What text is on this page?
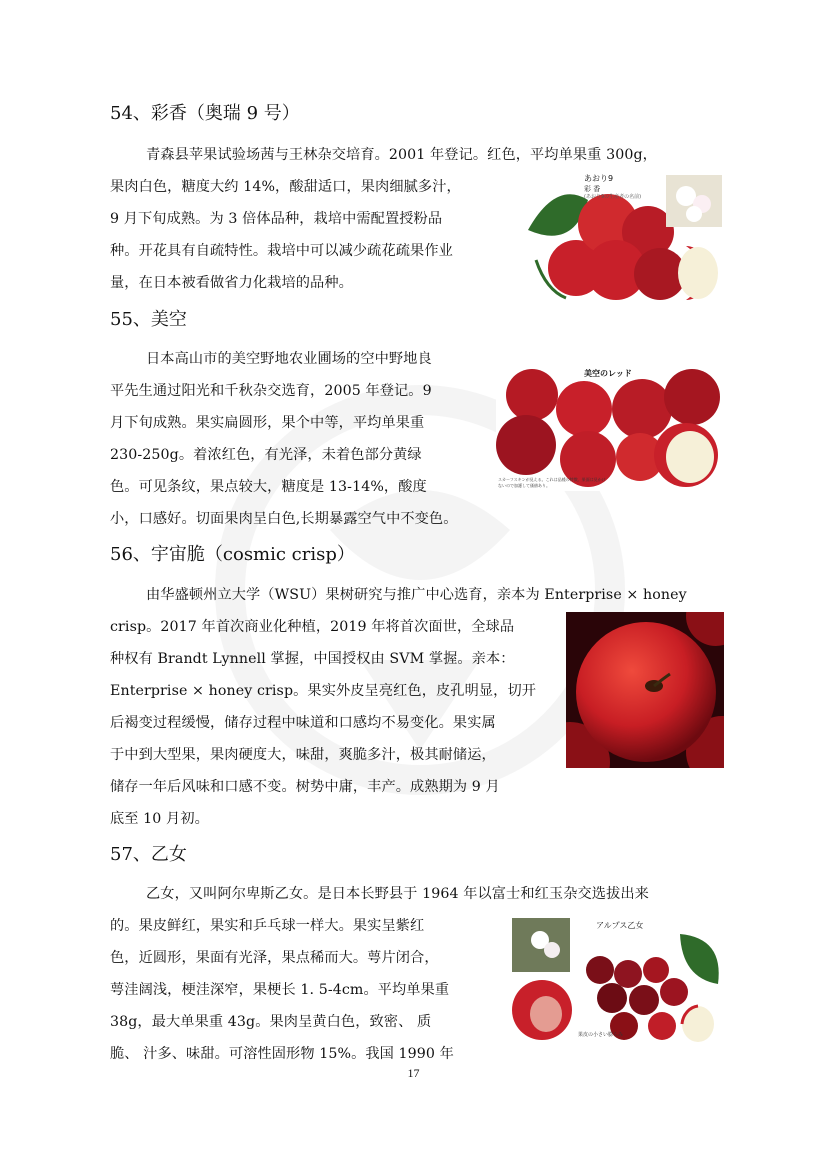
54、彩香（奥瑞 9 号）
青森县苹果试验场茜与王林杂交培育。2001 年登记。红色，平均单果重 300g，
果肉白色，糖度大约 14%，酸甜适口，果肉细腻多汁，
9 月下旬成熟。为 3 倍体品种，栽培中需配置授粉品
种。开花具有自疏特性。栽培中可以减少疏花疏果作业
量，在日本被看做省力化栽培的品种。
あおり9
彩 香
(あおり9の生産者の名前)
55、美空
日本高山市的美空野地农业圃场的空中野地良
平先生通过阳光和千秋杂交选育，2005 年登记。9
月下旬成熟。果实扁圆形，果个中等，平均单果重
230-250g。着浓红色，有光泽，未着色部分黄绿
色。可见条纹，果点较大，糖度是 13-14%，酸度
小，口感好。切面果肉呈白色,长期暴露空气中不变色。
美空のレッド
スカーフスキンが見える。これは品種の特徴。果面は見かけないので加護して価値あり。
56、宇宙脆（cosmic crisp）
由华盛顿州立大学（WSU）果树研究与推广中心选育，亲本为 Enterprise × honey
crisp。2017 年首次商业化种植，2019 年将首次面世，全球品
种权有 Brandt Lynnell 掌握，中国授权由 SVM 掌握。亲本：
Enterprise × honey crisp。果实外皮呈亮红色，皮孔明显，切开
后褐变过程缓慢，储存过程中味道和口感均不易变化。果实属
于中到大型果，果肉硬度大，味甜，爽脆多汁，极其耐储运，
储存一年后风味和口感不变。树势中庸，丰产。成熟期为 9 月
底至 10 月初。
57、乙女
乙女，又叫阿尔卑斯乙女。是日本长野县于 1964 年以富士和红玉杂交选拔出来
的。果皮鲜红，果实和乒乓球一样大。果实呈紫红
色，近圆形，果面有光泽，果点稀而大。萼片闭合，
萼洼阔浅，梗洼深窄，果梗长 1. 5-4cm。平均单果重
38g，最大单果重 43g。果肉呈黄白色，致密、 质
脆、 汁多、味甜。可溶性固形物 15%。我国 1990 年
アルプス乙女
果皮の小さい膨らみ
17
